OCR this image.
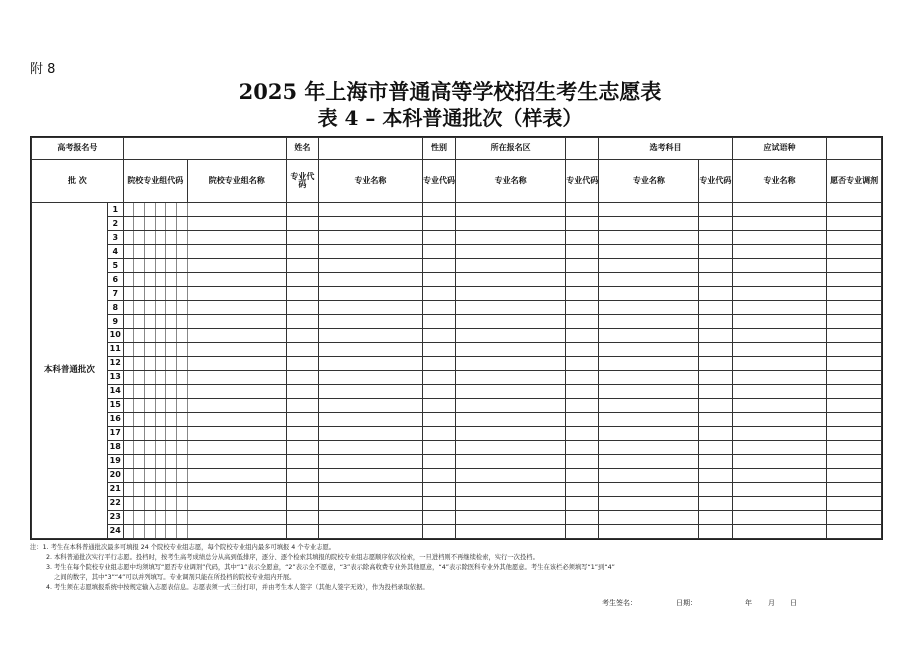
附 8
2025 年上海市普通高等学校招生考生志愿表
表 4 – 本科普通批次（样表）
高考报名号									姓名		性别	所在报名区		选考科目		应试语种	
批 次		院校专业组代码						院校专业组名称	专业代码	专业名称	专业代码	专业名称	专业代码	专业名称	专业代码	专业名称	愿否专业调剂
本科普通批次	1																
	2																
	3																
	4																
	5																
	6																
	7																
	8																
	9																
	10																
	11																
	12																
	13																
	14																
	15																
	16																
	17																
	18																
	19																
	20																
	21																
	22																
	23																
	24																
注：1. 考生在本科普通批次最多可填报 24 个院校专业组志愿，每个院校专业组内最多可填报 4 个专业志愿。
2. 本科普通批次实行平行志愿。投档时，按考生高考成绩总分从高到低排序，逐分、逐个检索其填报的院校专业组志愿顺序依次检索，一旦进档则不再继续检索，实行一次投档。
3. 考生在每个院校专业组志愿中均须填写“愿否专业调剂”代码，其中“1”表示全愿意，“2”表示全不愿意，“3”表示除高收费专业外其他愿意，“4”表示除医科专业外其他愿意。考生在该栏必须填写“1”到“4”
之间的数字，其中“3”“4”可以并列填写。专业调剂只能在所投档的院校专业组内开展。
4. 考生须在志愿填报系统中按规定输入志愿表信息。志愿表须一式三份打印，并由考生本人签字（其他人签字无效），作为投档录取依据。
考生签名：	日期：	年 月 日
